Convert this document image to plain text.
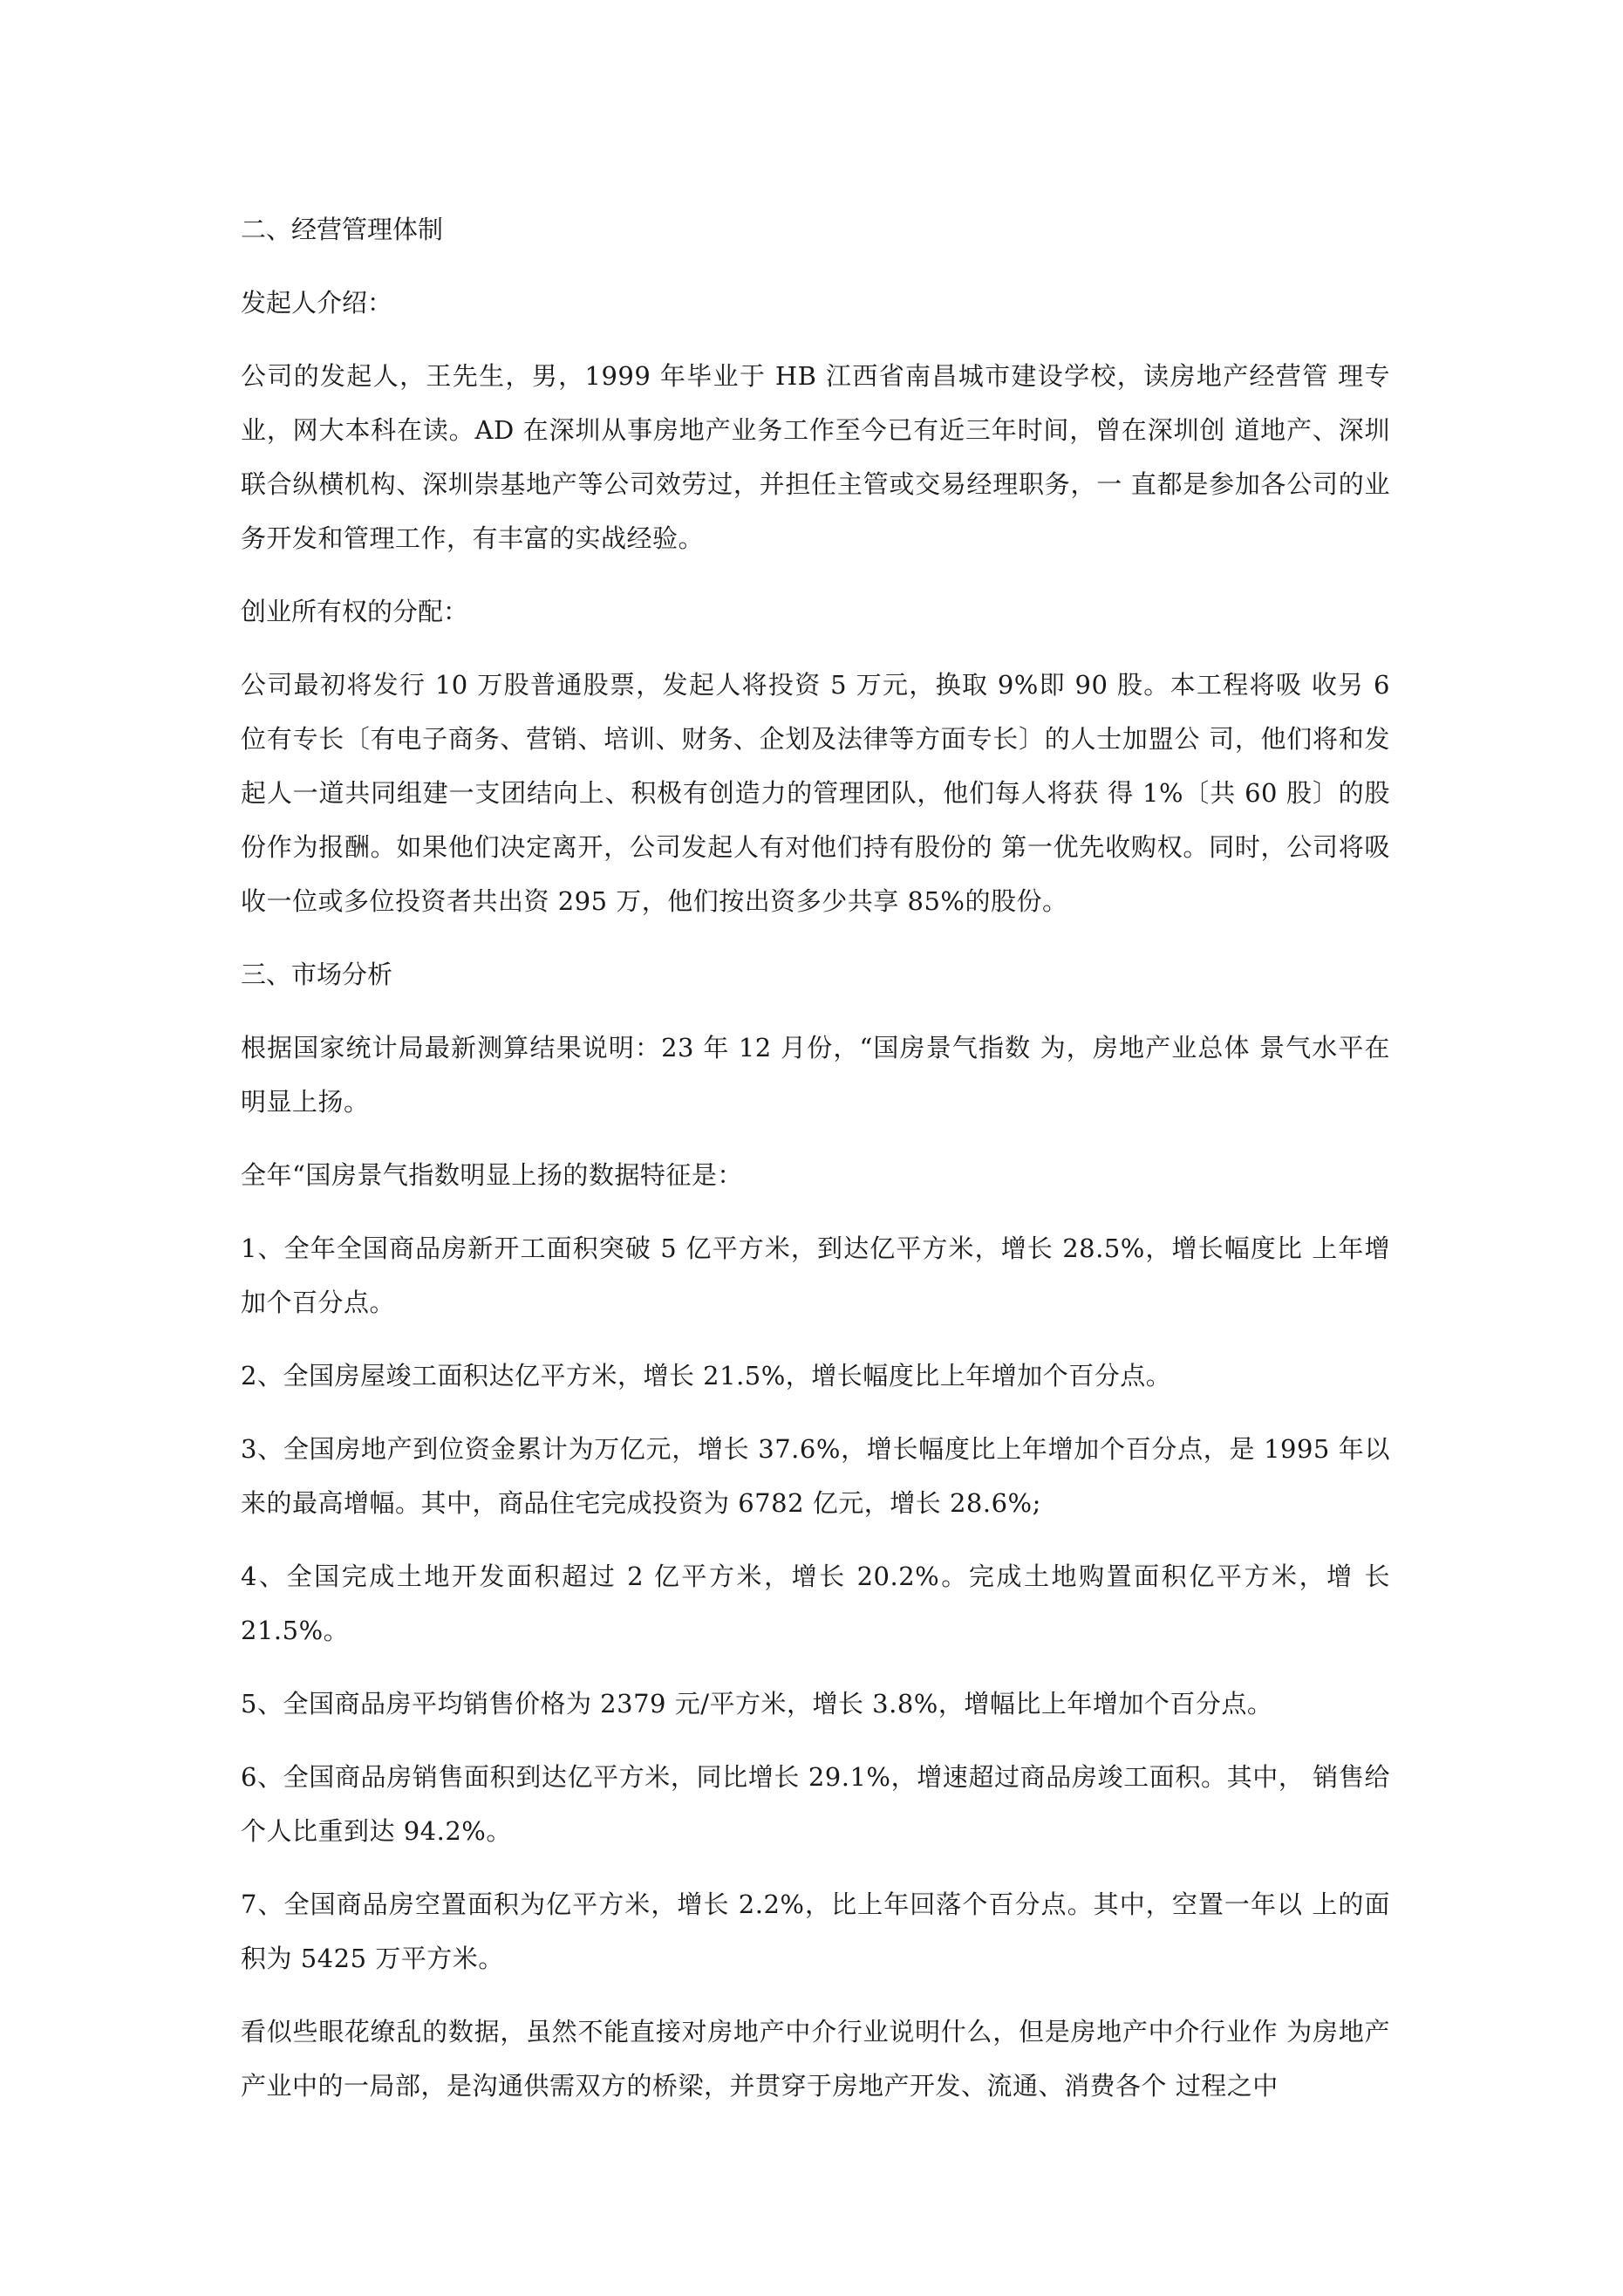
二、经营管理体制

发起人介绍：

公司的发起人，王先生，男，1999 年毕业于 HB 江西省南昌城市建设学校，读房地产经营管 理专业，网大本科在读。AD 在深圳从事房地产业务工作至今已有近三年时间，曾在深圳创 道地产、深圳联合纵横机构、深圳崇基地产等公司效劳过，并担任主管或交易经理职务，一 直都是参加各公司的业务开发和管理工作，有丰富的实战经验。

创业所有权的分配：

公司最初将发行 10 万股普通股票，发起人将投资 5 万元，换取 9%即 90 股。本工程将吸 收另 6 位有专长〔有电子商务、营销、培训、财务、企划及法律等方面专长〕的人士加盟公 司，他们将和发起人一道共同组建一支团结向上、积极有创造力的管理团队，他们每人将获 得 1%〔共 60 股〕的股份作为报酬。如果他们决定离开，公司发起人有对他们持有股份的 第一优先收购权。同时，公司将吸收一位或多位投资者共出资 295 万，他们按出资多少共享 85%的股份。

三、市场分析

根据国家统计局最新测算结果说明：23 年 12 月份，“国房景气指数 为，房地产业总体 景气水平在明显上扬。

全年“国房景气指数明显上扬的数据特征是：

1、全年全国商品房新开工面积突破 5 亿平方米，到达亿平方米，增长 28.5%，增长幅度比 上年增加个百分点。

2、全国房屋竣工面积达亿平方米，增长 21.5%，增长幅度比上年增加个百分点。

3、全国房地产到位资金累计为万亿元，增长 37.6%，增长幅度比上年增加个百分点，是 1995 年以来的最高增幅。其中，商品住宅完成投资为 6782 亿元，增长 28.6%;

4、全国完成土地开发面积超过 2 亿平方米，增长 20.2%。完成土地购置面积亿平方米，增 长 21.5%。

5、全国商品房平均销售价格为 2379 元/平方米，增长 3.8%，增幅比上年增加个百分点。

6、全国商品房销售面积到达亿平方米，同比增长 29.1%，增速超过商品房竣工面积。其中， 销售给个人比重到达 94.2%。

7、全国商品房空置面积为亿平方米，增长 2.2%，比上年回落个百分点。其中，空置一年以 上的面积为 5425 万平方米。

看似些眼花缭乱的数据，虽然不能直接对房地产中介行业说明什么，但是房地产中介行业作 为房地产产业中的一局部，是沟通供需双方的桥梁，并贯穿于房地产开发、流通、消费各个 过程之中
